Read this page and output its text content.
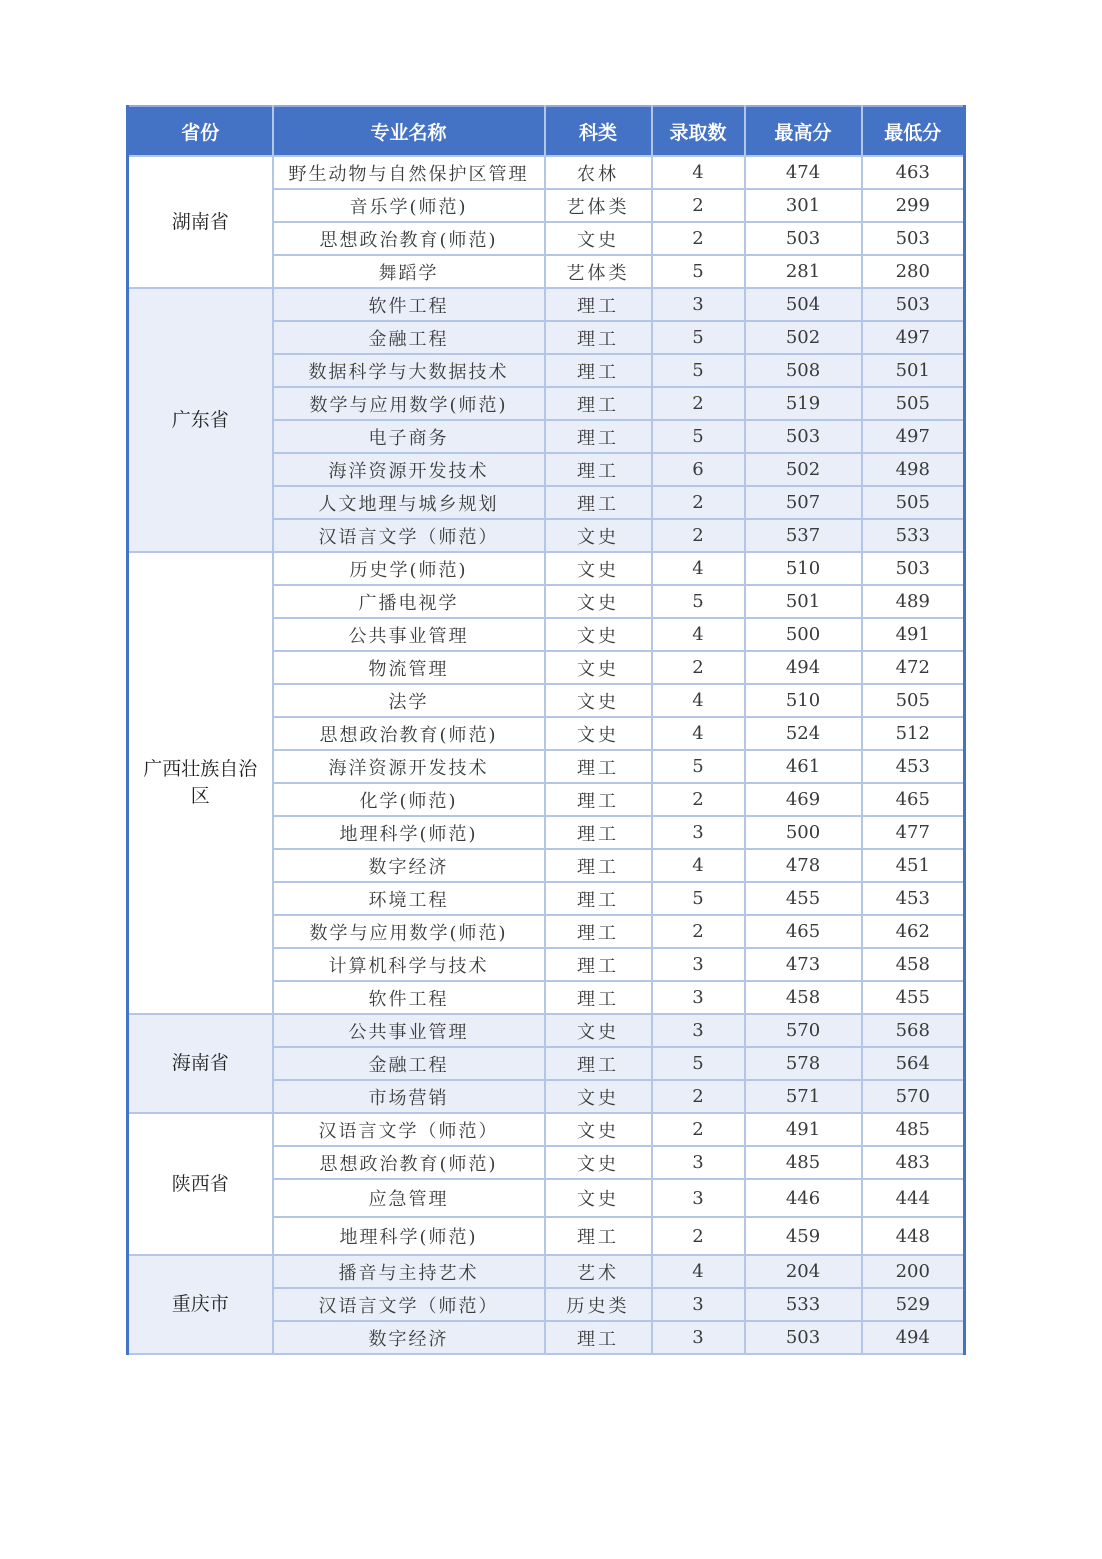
省份	专业名称	科类	录取数	最高分	最低分
湖南省	野生动物与自然保护区管理	农林	4	474	463
	音乐学(师范)	艺体类	2	301	299
	思想政治教育(师范)	文史	2	503	503
	舞蹈学	艺体类	5	281	280
广东省	软件工程	理工	3	504	503
	金融工程	理工	5	502	497
	数据科学与大数据技术	理工	5	508	501
	数学与应用数学(师范)	理工	2	519	505
	电子商务	理工	5	503	497
	海洋资源开发技术	理工	6	502	498
	人文地理与城乡规划	理工	2	507	505
	汉语言文学（师范）	文史	2	537	533
广西壮族自治区	历史学(师范)	文史	4	510	503
	广播电视学	文史	5	501	489
	公共事业管理	文史	4	500	491
	物流管理	文史	2	494	472
	法学	文史	4	510	505
	思想政治教育(师范)	文史	4	524	512
	海洋资源开发技术	理工	5	461	453
	化学(师范)	理工	2	469	465
	地理科学(师范)	理工	3	500	477
	数字经济	理工	4	478	451
	环境工程	理工	5	455	453
	数学与应用数学(师范)	理工	2	465	462
	计算机科学与技术	理工	3	473	458
	软件工程	理工	3	458	455
海南省	公共事业管理	文史	3	570	568
	金融工程	理工	5	578	564
	市场营销	文史	2	571	570
陕西省	汉语言文学（师范）	文史	2	491	485
	思想政治教育(师范)	文史	3	485	483
	应急管理	文史	3	446	444
	地理科学(师范)	理工	2	459	448
重庆市	播音与主持艺术	艺术	4	204	200
	汉语言文学（师范）	历史类	3	533	529
	数字经济	理工	3	503	494
